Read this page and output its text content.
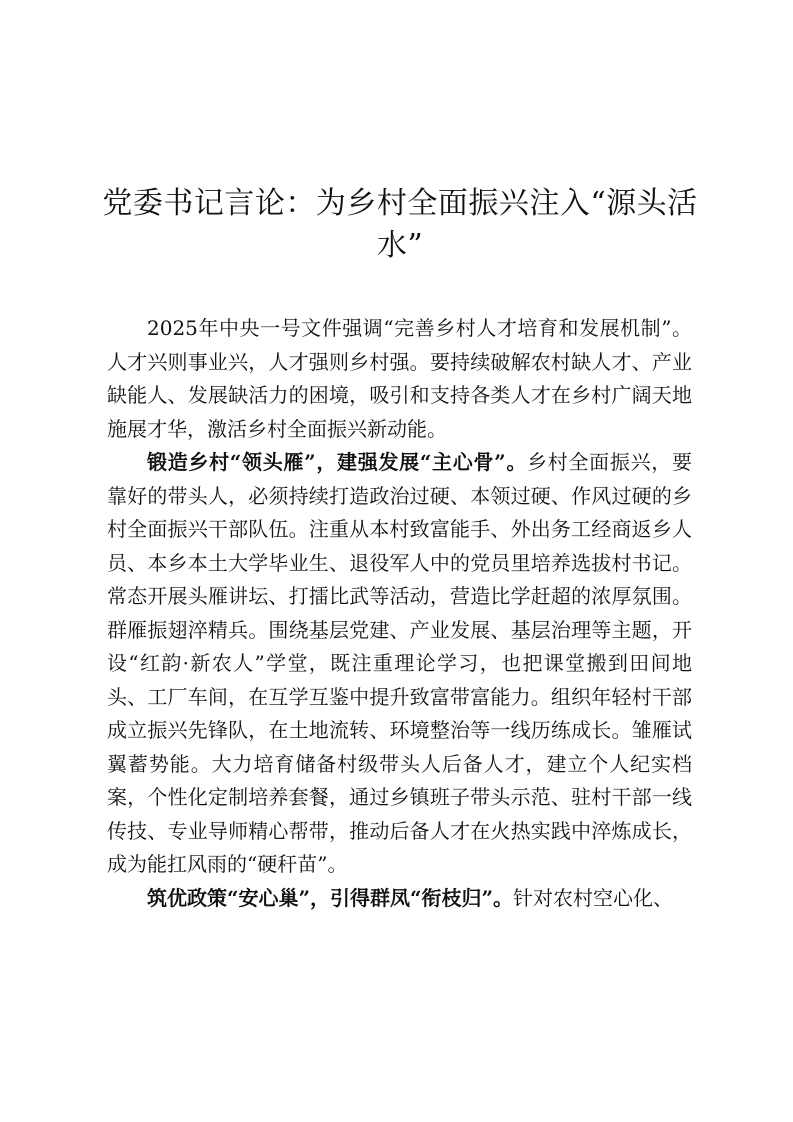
党委书记言论：为乡村全面振兴注入“源头活水”

2025年中央一号文件强调“完善乡村人才培育和发展机制”。人才兴则事业兴，人才强则乡村强。要持续破解农村缺人才、产业缺能人、发展缺活力的困境，吸引和支持各类人才在乡村广阔天地施展才华，激活乡村全面振兴新动能。

锻造乡村“领头雁”，建强发展“主心骨”。乡村全面振兴，要靠好的带头人，必须持续打造政治过硬、本领过硬、作风过硬的乡村全面振兴干部队伍。注重从本村致富能手、外出务工经商返乡人员、本乡本土大学毕业生、退役军人中的党员里培养选拔村书记。常态开展头雁讲坛、打擂比武等活动，营造比学赶超的浓厚氛围。群雁振翅淬精兵。围绕基层党建、产业发展、基层治理等主题，开设“红韵·新农人”学堂，既注重理论学习，也把课堂搬到田间地头、工厂车间，在互学互鉴中提升致富带富能力。组织年轻村干部成立振兴先锋队，在土地流转、环境整治等一线历练成长。雏雁试翼蓄势能。大力培育储备村级带头人后备人才，建立个人纪实档案，个性化定制培养套餐，通过乡镇班子带头示范、驻村干部一线传技、专业导师精心帮带，推动后备人才在火热实践中淬炼成长，成为能扛风雨的“硬秆苗”。

筑优政策“安心巢”，引得群凤“衔枝归”。针对农村空心化、
